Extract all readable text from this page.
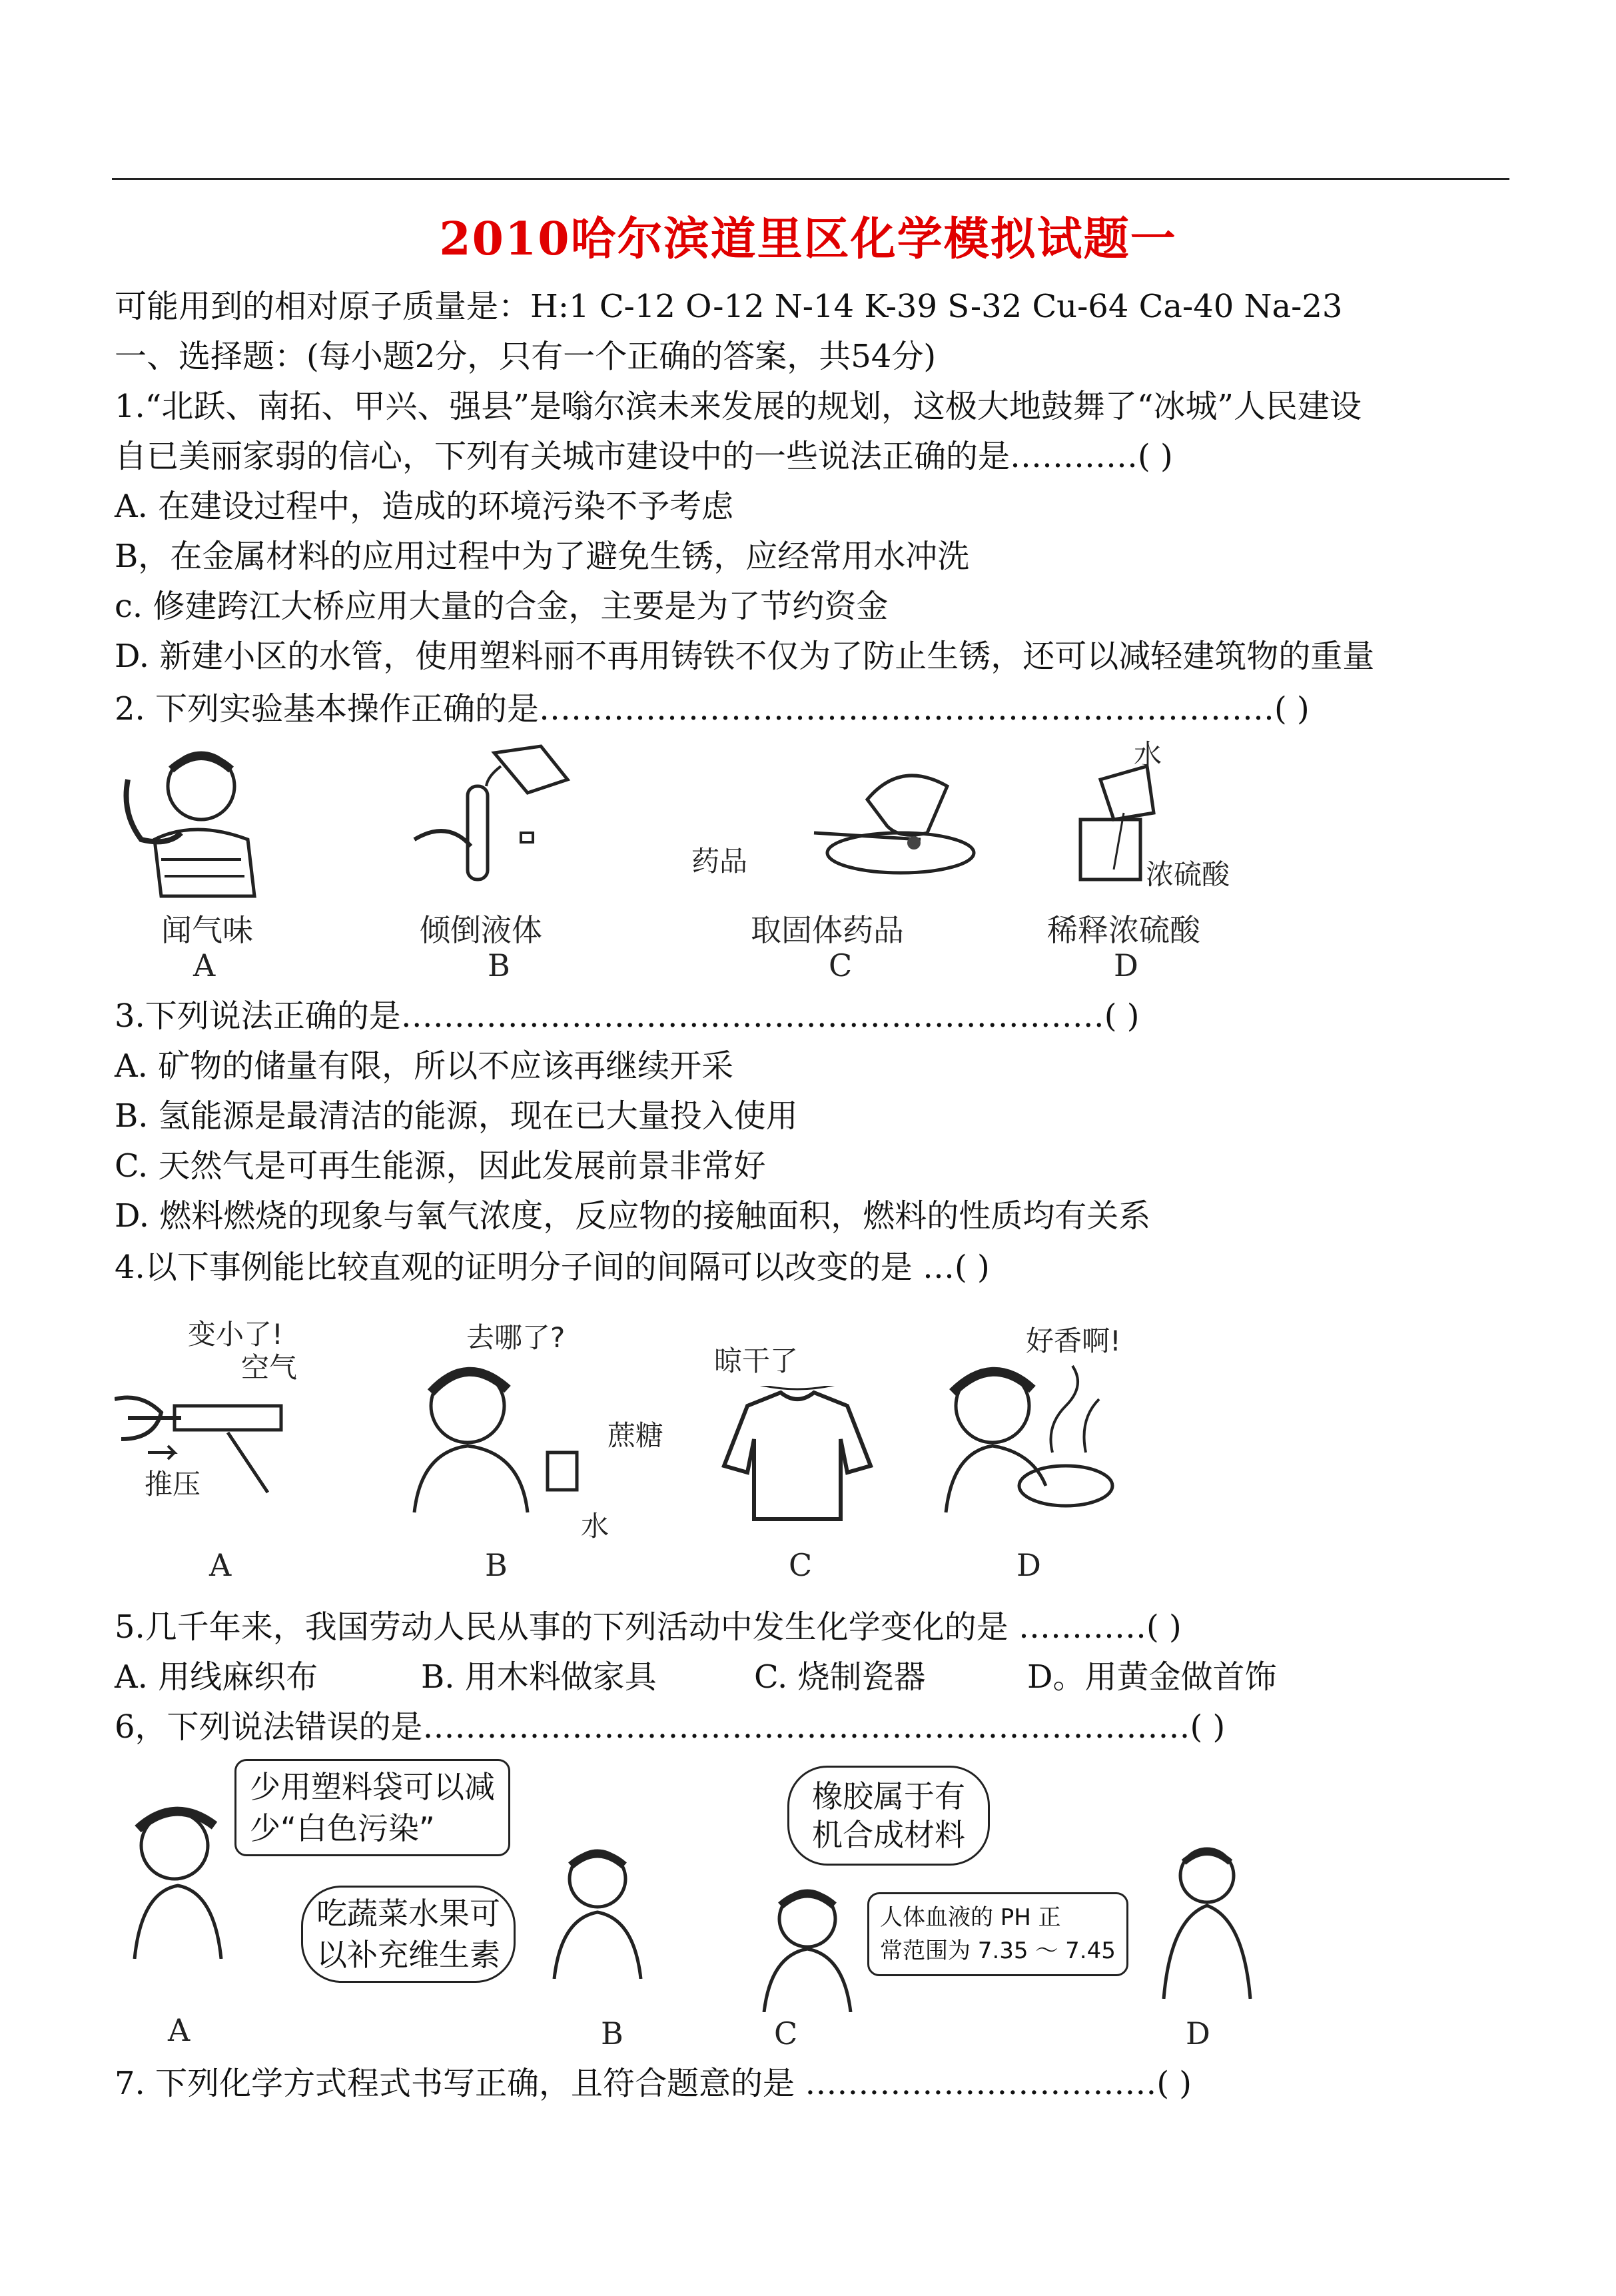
2010哈尔滨道里区化学模拟试题一
可能用到的相对原子质量是：H:1 C-12 O-12 N-14 K-39 S-32 Cu-64 Ca-40 Na-23
一、选择题：(每小题2分，只有一个正确的答案，共54分)
1.“北跃、南拓、甲兴、强县”是嗡尔滨未来发展的规划，这极大地鼓舞了“冰城”人民建设
自已美丽家弱的信心，下列有关城市建设中的一些说法正确的是…………( )
A. 在建设过程中，造成的环境污染不予考虑
B，在金属材料的应用过程中为了避免生锈，应经常用水冲洗
c. 修建跨江大桥应用大量的合金，主要是为了节约资金
D. 新建小区的水管，使用塑料丽不再用铸铁不仅为了防止生锈，还可以减轻建筑物的重量
2. 下列实验基本操作正确的是……………………………………………………………( )
闻气味
A
倾倒液体
B
药品
取固体药品
C
水
浓硫酸
稀释浓硫酸
D
3.下列说法正确的是…………………………………………………………( )
A. 矿物的储量有限，所以不应该再继续开采
B. 氢能源是最清洁的能源，现在已大量投入使用
C. 天然气是可再生能源，因此发展前景非常好
D. 燃料燃烧的现象与氧气浓度，反应物的接触面积，燃料的性质均有关系
4.以下事例能比较直观的证明分子间的间隔可以改变的是 …( )
变小了!
空气
推压
A
去哪了?
蔗糖
水
B
晾干了
C
好香啊!
D
5.几千年来，我国劳动人民从事的下列活动中发生化学变化的是 …………( )
A. 用线麻织布	B. 用木料做家具	C. 烧制瓷器	D。用黄金做首饰
6，下列说法错误的是………………………………………………………………( )
少用塑料袋可以减
少“白色污染”
吃蔬菜水果可
以补充维生素
橡胶属于有
机合成材料
人体血液的 PH 正
常范围为 7.35 ～ 7.45
A	B	C	D
7. 下列化学方式程式书写正确，且符合题意的是 ……………………………( )
